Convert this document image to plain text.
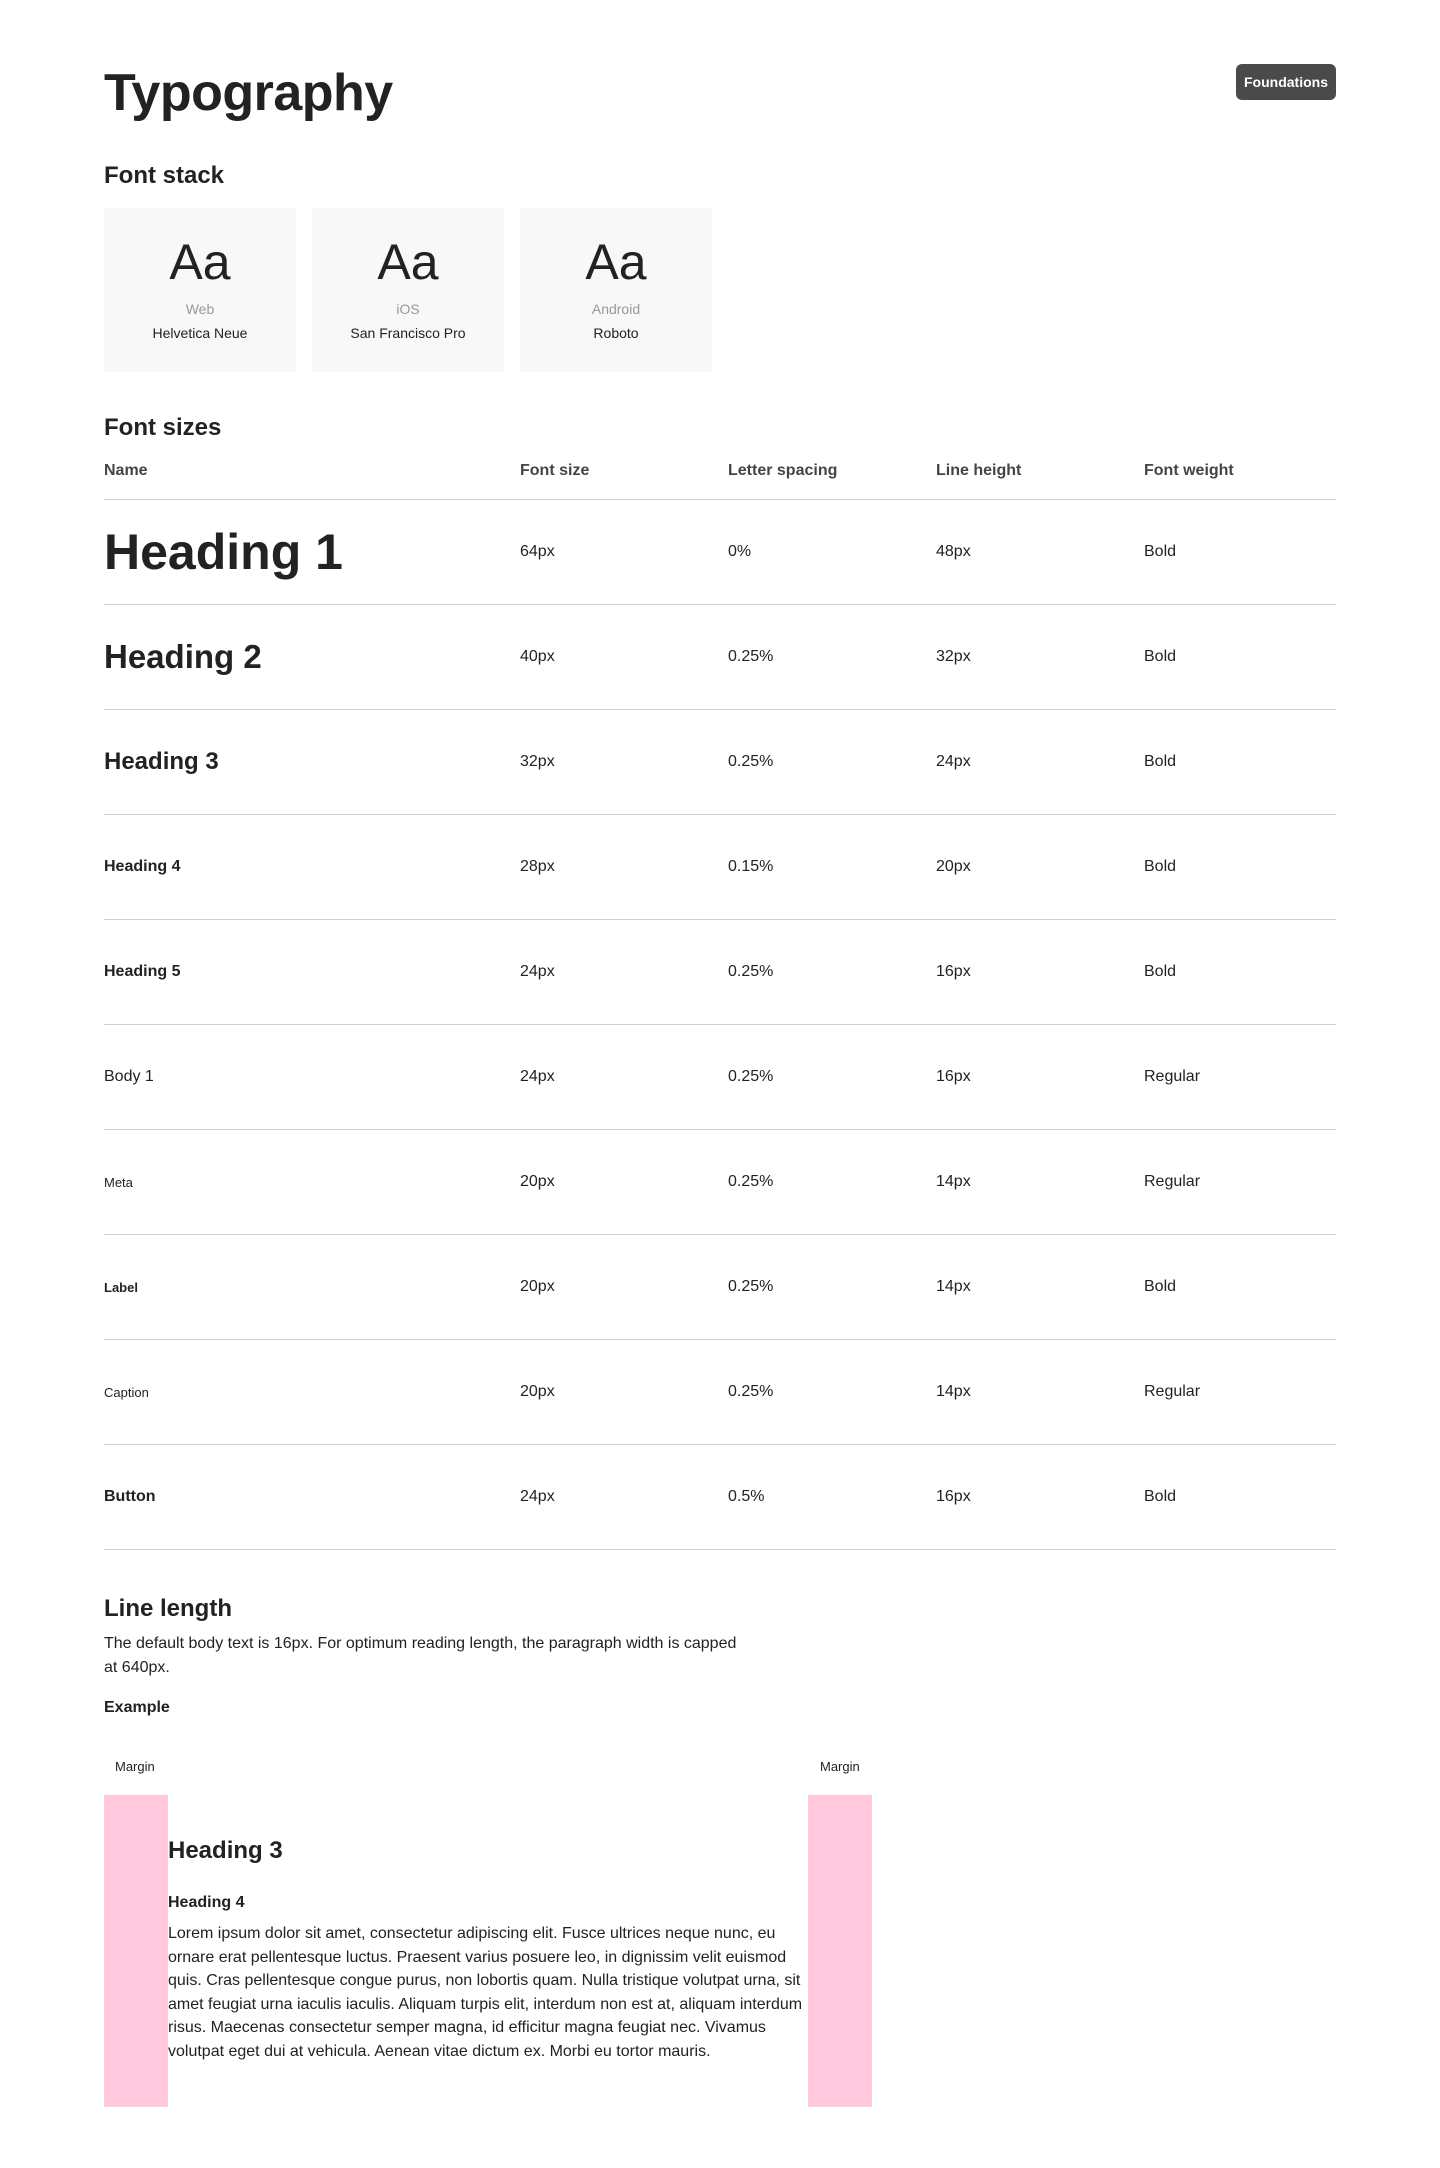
Typography	Foundations
Font stack
Aa
Web
Helvetica Neue
Aa
iOS
San Francisco Pro
Aa
Android
Roboto
Font sizes
Name	Font size	Letter spacing	Line height	Font weight
Heading 1	64px	0%	48px	Bold
Heading 2	40px	0.25%	32px	Bold
Heading 3	32px	0.25%	24px	Bold
Heading 4	28px	0.15%	20px	Bold
Heading 5	24px	0.25%	16px	Bold
Body 1	24px	0.25%	16px	Regular
Meta	20px	0.25%	14px	Regular
Label	20px	0.25%	14px	Bold
Caption	20px	0.25%	14px	Regular
Button	24px	0.5%	16px	Bold
Line length
The default body text is 16px. For optimum reading length, the paragraph width is capped at 640px.
Example
Margin	Margin
Heading 3
Heading 4
Lorem ipsum dolor sit amet, consectetur adipiscing elit. Fusce ultrices neque nunc, eu ornare erat pellentesque luctus. Praesent varius posuere leo, in dignissim velit euismod quis. Cras pellentesque congue purus, non lobortis quam. Nulla tristique volutpat urna, sit amet feugiat urna iaculis iaculis. Aliquam turpis elit, interdum non est at, aliquam interdum risus. Maecenas consectetur semper magna, id efficitur magna feugiat nec. Vivamus volutpat eget dui at vehicula. Aenean vitae dictum ex. Morbi eu tortor mauris.
